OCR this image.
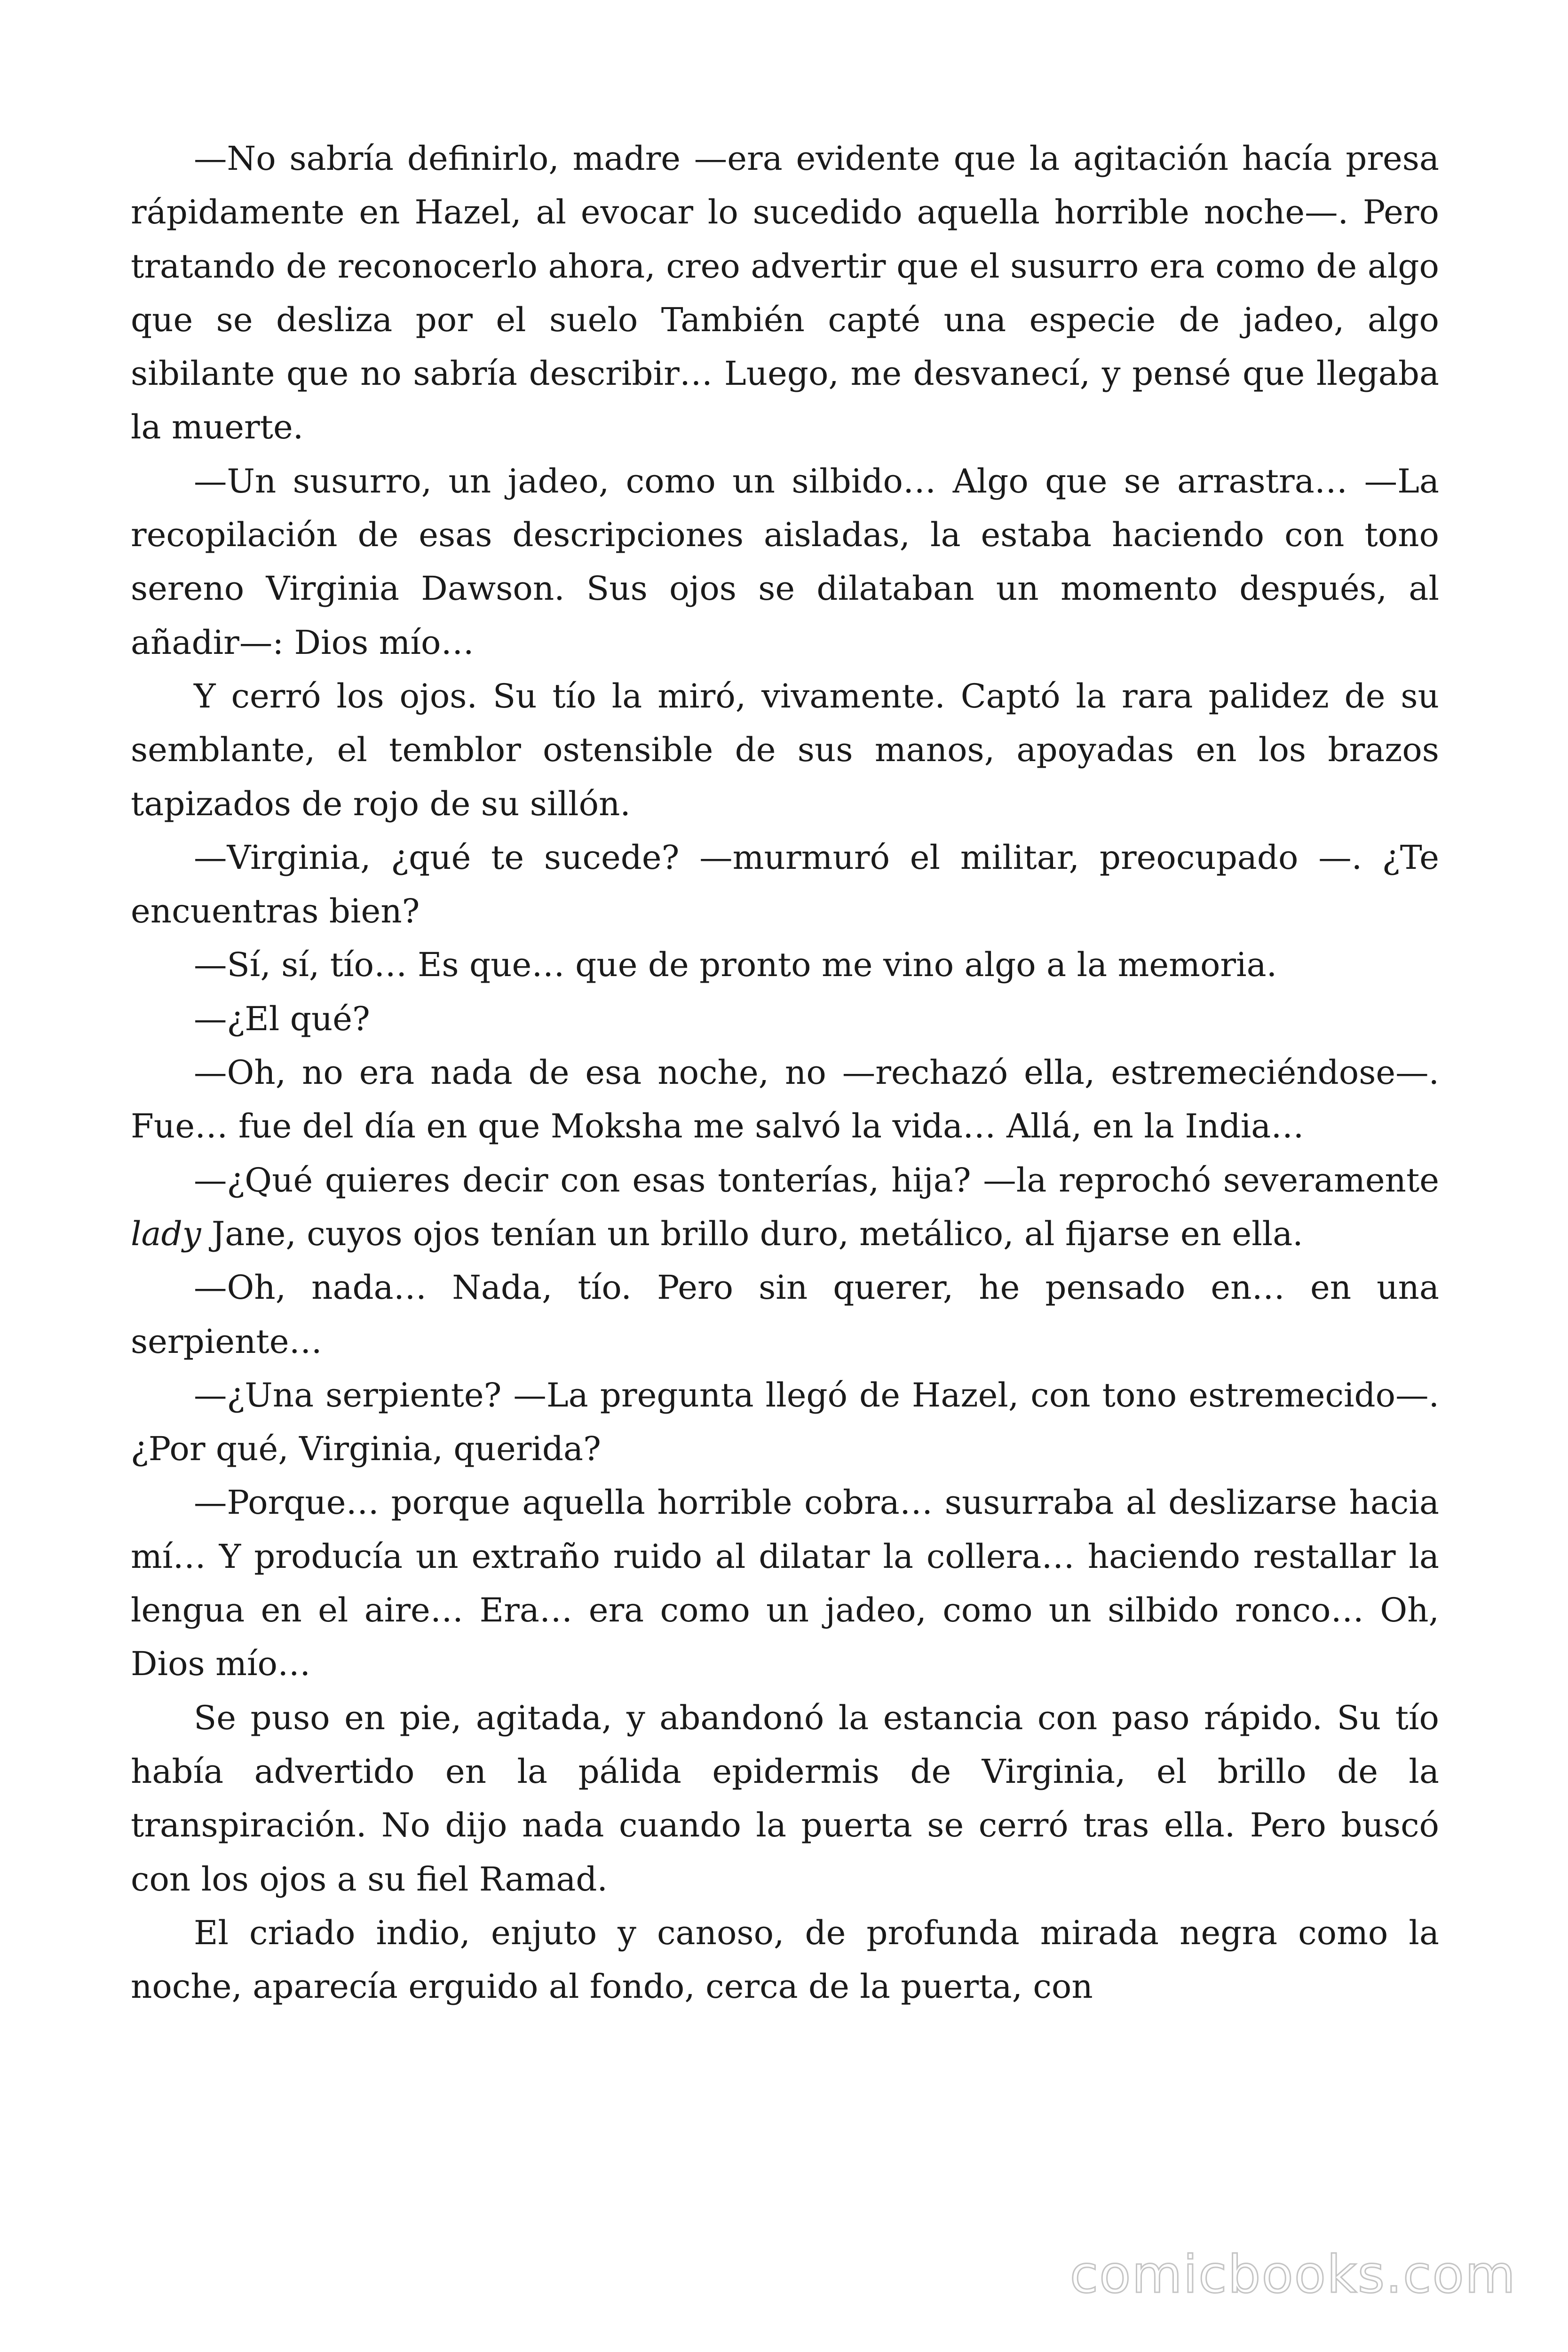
—No sabría definirlo, madre —era evidente que la agitación hacía presa rápidamente en Hazel, al evocar lo sucedido aquella horrible noche—. Pero tratando de reconocerlo ahora, creo advertir que el susurro era como de algo que se desliza por el suelo También capté una especie de jadeo, algo sibilante que no sabría describir… Luego, me desvanecí, y pensé que llegaba la muerte.

—Un susurro, un jadeo, como un silbido… Algo que se arrastra… —La recopilación de esas descripciones aisladas, la estaba haciendo con tono sereno Virginia Dawson. Sus ojos se dilataban un momento después, al añadir—: Dios mío…

Y cerró los ojos. Su tío la miró, vivamente. Captó la rara palidez de su semblante, el temblor ostensible de sus manos, apoyadas en los brazos tapizados de rojo de su sillón.

—Virginia, ¿qué te sucede? —murmuró el militar, preocupado —. ¿Te encuentras bien?

—Sí, sí, tío… Es que… que de pronto me vino algo a la memoria.

—¿El qué?

—Oh, no era nada de esa noche, no —rechazó ella, estremeciéndose—. Fue… fue del día en que Moksha me salvó la vida… Allá, en la India…

—¿Qué quieres decir con esas tonterías, hija? —la reprochó severamente lady Jane, cuyos ojos tenían un brillo duro, metálico, al fijarse en ella.

—Oh, nada… Nada, tío. Pero sin querer, he pensado en… en una serpiente…

—¿Una serpiente? —La pregunta llegó de Hazel, con tono estremecido—. ¿Por qué, Virginia, querida?

—Porque… porque aquella horrible cobra… susurraba al deslizarse hacia mí… Y producía un extraño ruido al dilatar la collera… haciendo restallar la lengua en el aire… Era… era como un jadeo, como un silbido ronco… Oh, Dios mío…

Se puso en pie, agitada, y abandonó la estancia con paso rápido. Su tío había advertido en la pálida epidermis de Virginia, el brillo de la transpiración. No dijo nada cuando la puerta se cerró tras ella. Pero buscó con los ojos a su fiel Ramad.

El criado indio, enjuto y canoso, de profunda mirada negra como la noche, aparecía erguido al fondo, cerca de la puerta, con

comicbooks.com
